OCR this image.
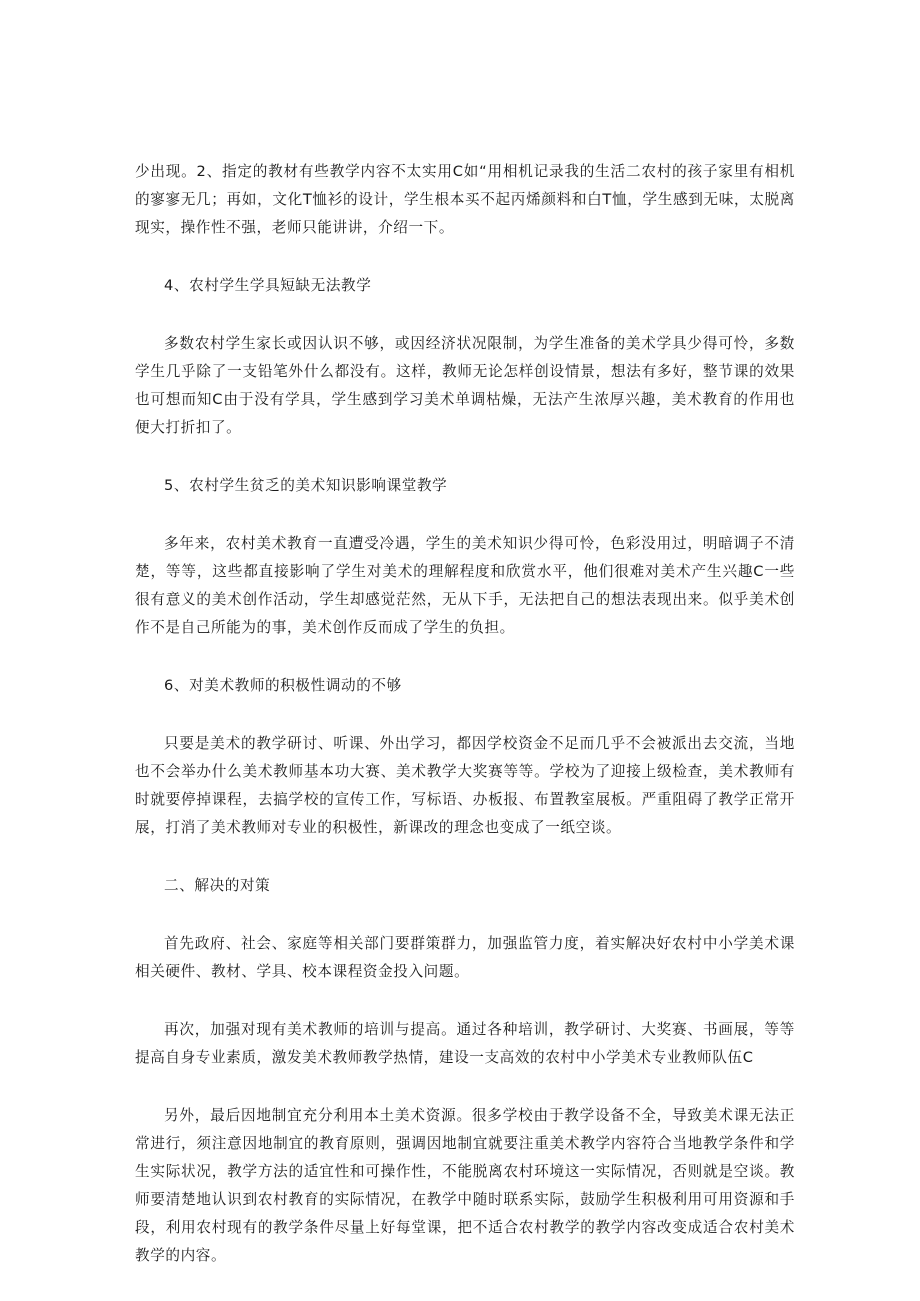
少出现。2、指定的教材有些教学内容不太实用C如“用相机记录我的生活二农村的孩子家里有相机的寥寥无几；再如，文化T恤衫的设计，学生根本买不起丙烯颜料和白T恤，学生感到无味，太脱离现实，操作性不强，老师只能讲讲，介绍一下。

4、农村学生学具短缺无法教学

多数农村学生家长或因认识不够，或因经济状况限制，为学生准备的美术学具少得可怜，多数学生几乎除了一支铅笔外什么都没有。这样，教师无论怎样创设情景，想法有多好，整节课的效果也可想而知C由于没有学具，学生感到学习美术单调枯燥，无法产生浓厚兴趣，美术教育的作用也便大打折扣了。

5、农村学生贫乏的美术知识影响课堂教学

多年来，农村美术教育一直遭受冷遇，学生的美术知识少得可怜，色彩没用过，明暗调子不清楚，等等，这些都直接影响了学生对美术的理解程度和欣赏水平，他们很难对美术产生兴趣C一些很有意义的美术创作活动，学生却感觉茫然，无从下手，无法把自己的想法表现出来。似乎美术创作不是自己所能为的事，美术创作反而成了学生的负担。

6、对美术教师的积极性调动的不够

只要是美术的教学研讨、听课、外出学习，都因学校资金不足而几乎不会被派出去交流，当地也不会举办什么美术教师基本功大赛、美术教学大奖赛等等。学校为了迎接上级检查，美术教师有时就要停掉课程，去搞学校的宣传工作，写标语、办板报、布置教室展板。严重阻碍了教学正常开展，打消了美术教师对专业的积极性，新课改的理念也变成了一纸空谈。

二、解决的对策

首先政府、社会、家庭等相关部门要群策群力，加强监管力度，着实解决好农村中小学美术课相关硬件、教材、学具、校本课程资金投入问题。

再次，加强对现有美术教师的培训与提高。通过各种培训，教学研讨、大奖赛、书画展，等等提高自身专业素质，激发美术教师教学热情，建设一支高效的农村中小学美术专业教师队伍C

另外，最后因地制宜充分利用本土美术资源。很多学校由于教学设备不全，导致美术课无法正常进行，须注意因地制宜的教育原则，强调因地制宜就要注重美术教学内容符合当地教学条件和学生实际状况，教学方法的适宜性和可操作性，不能脱离农村环境这一实际情况，否则就是空谈。教师要清楚地认识到农村教育的实际情况，在教学中随时联系实际，鼓励学生积极利用可用资源和手段，利用农村现有的教学条件尽量上好每堂课，把不适合农村教学的教学内容改变成适合农村美术教学的内容。
